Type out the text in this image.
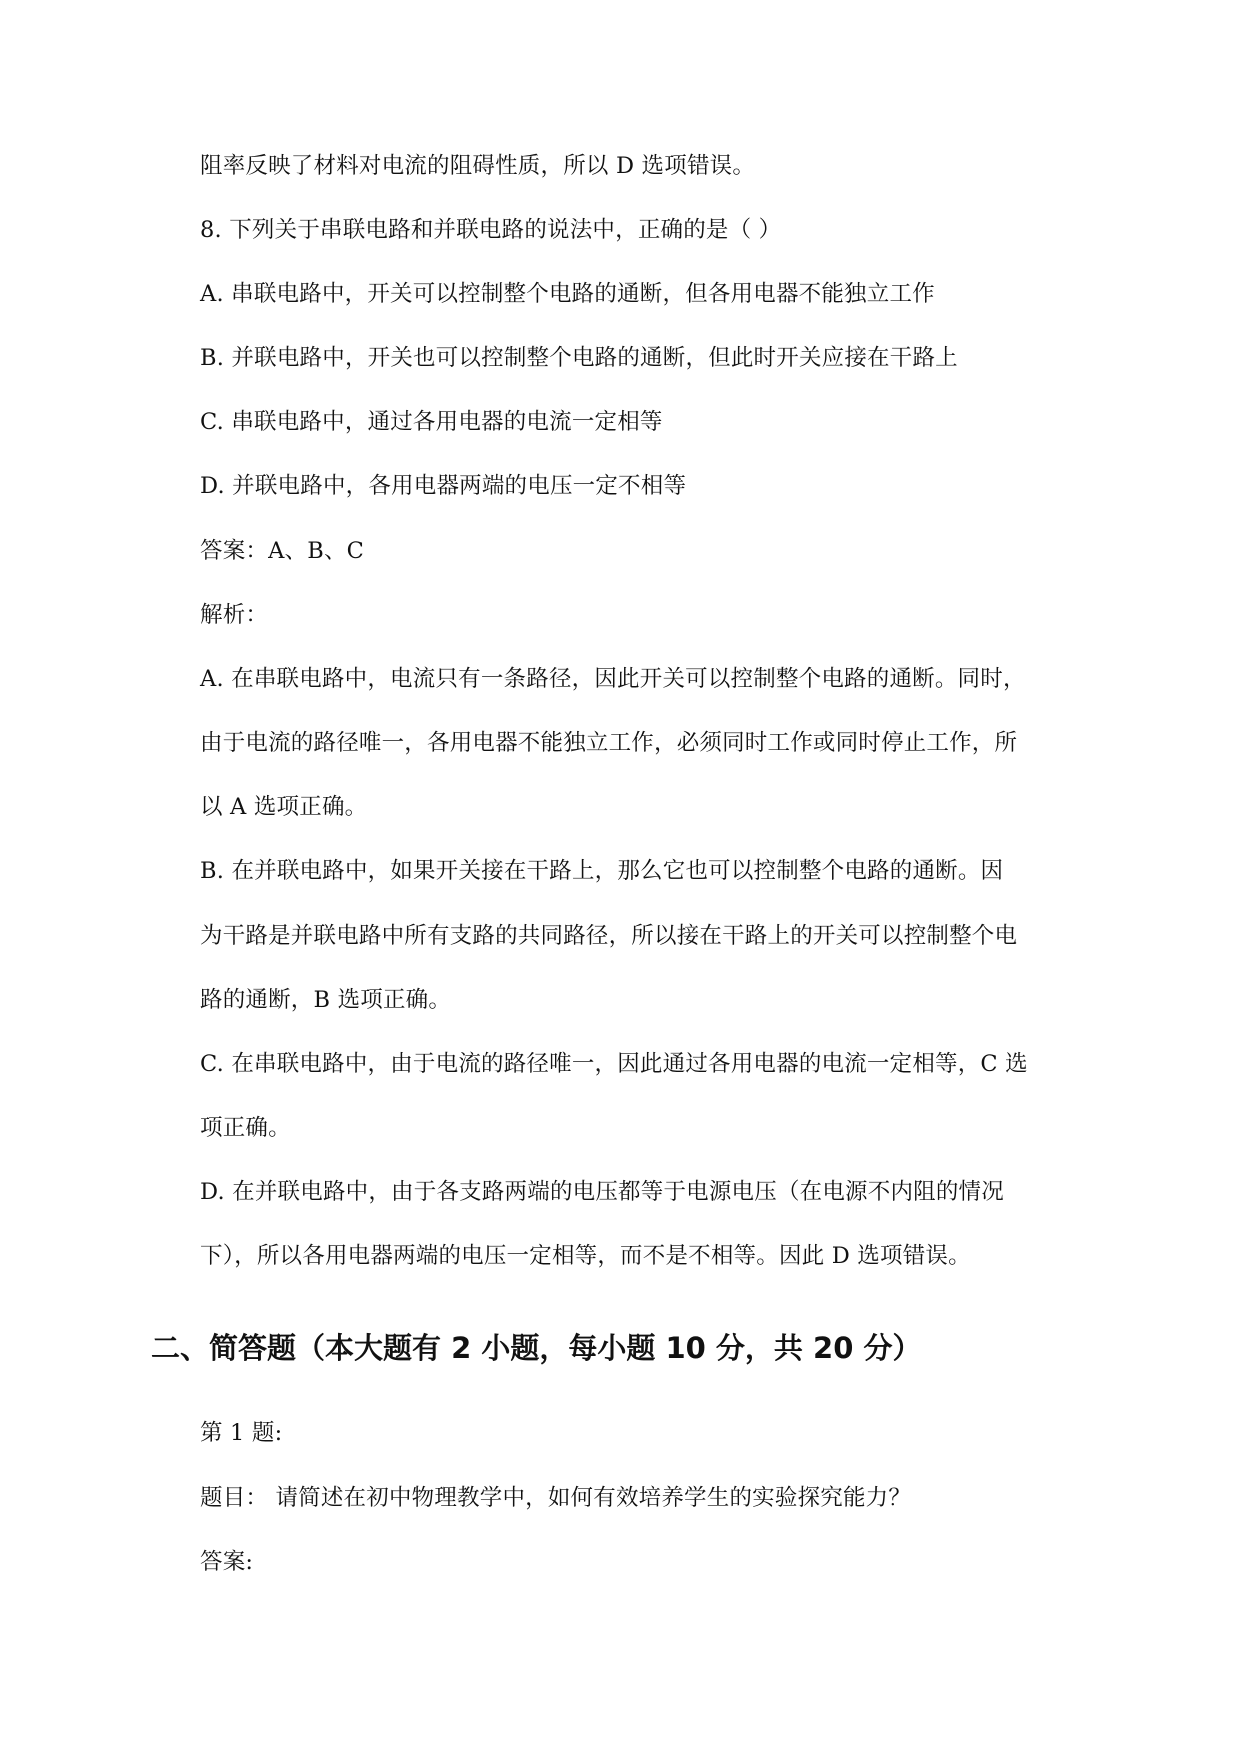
阻率反映了材料对电流的阻碍性质，所以 D 选项错误。
8. 下列关于串联电路和并联电路的说法中，正确的是（ ）
A. 串联电路中，开关可以控制整个电路的通断，但各用电器不能独立工作
B. 并联电路中，开关也可以控制整个电路的通断，但此时开关应接在干路上
C. 串联电路中，通过各用电器的电流一定相等
D. 并联电路中，各用电器两端的电压一定不相等
答案：A、B、C
解析：
A. 在串联电路中，电流只有一条路径，因此开关可以控制整个电路的通断。同时，
由于电流的路径唯一，各用电器不能独立工作，必须同时工作或同时停止工作，所
以 A 选项正确。
B. 在并联电路中，如果开关接在干路上，那么它也可以控制整个电路的通断。因
为干路是并联电路中所有支路的共同路径，所以接在干路上的开关可以控制整个电
路的通断，B 选项正确。
C. 在串联电路中，由于电流的路径唯一，因此通过各用电器的电流一定相等，C 选
项正确。
D. 在并联电路中，由于各支路两端的电压都等于电源电压（在电源不内阻的情况
下），所以各用电器两端的电压一定相等，而不是不相等。因此 D 选项错误。
二、简答题（本大题有 2 小题，每小题 10 分，共 20 分）
第 1 题:
题目： 请简述在初中物理教学中，如何有效培养学生的实验探究能力？
答案:
